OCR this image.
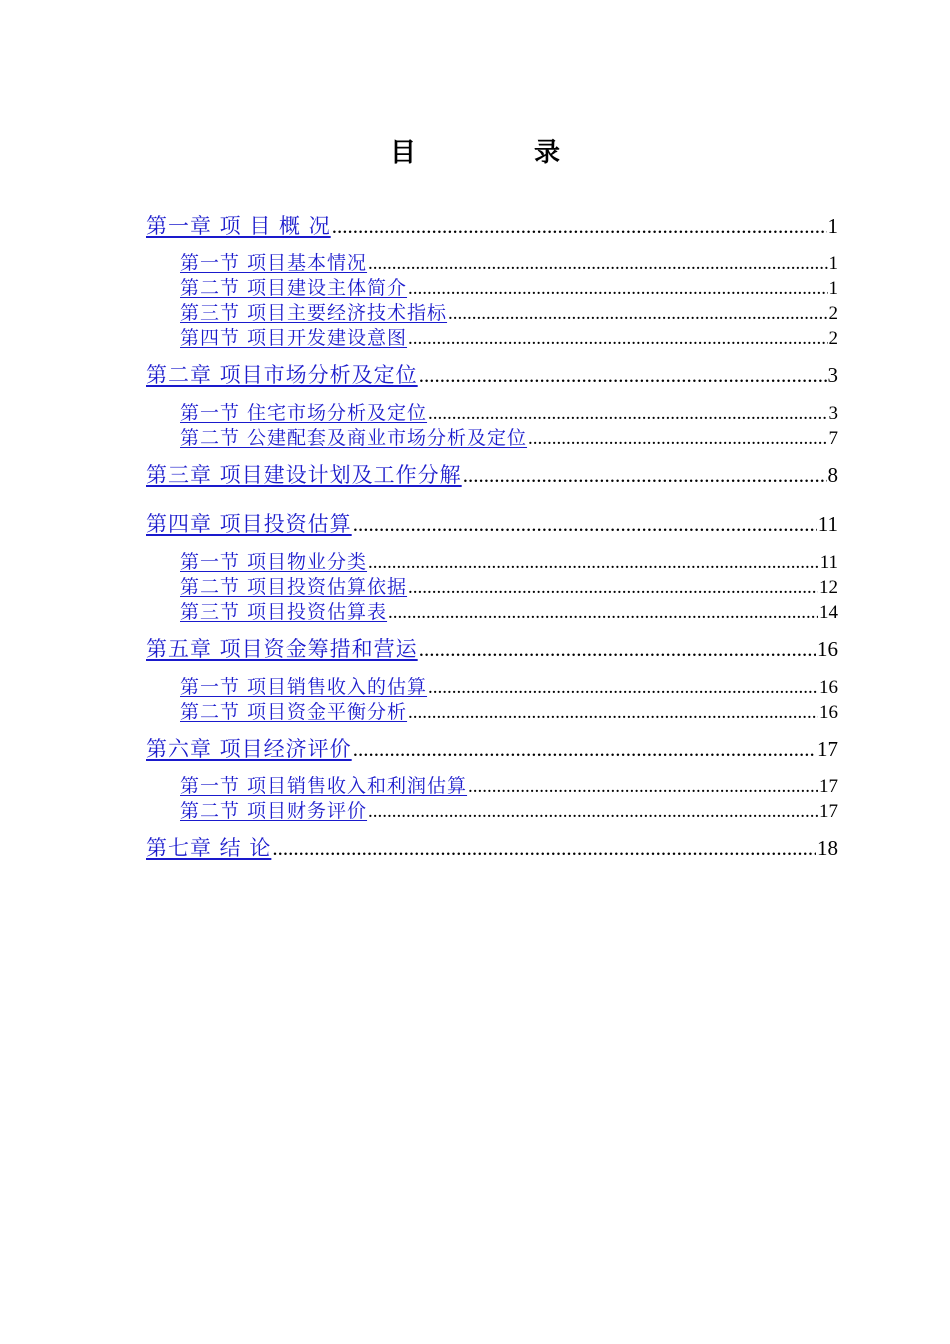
目　录
第一章 项 目 概 况 .....	1
第一节 项目基本情况 .....	1
第二节 项目建设主体简介 .....	1
第三节 项目主要经济技术指标 .....	2
第四节 项目开发建设意图 .....	2
第二章 项目市场分析及定位 .....	3
第一节 住宅市场分析及定位 .....	3
第二节 公建配套及商业市场分析及定位 .....	7
第三章 项目建设计划及工作分解 .....	8
第四章 项目投资估算 .....	11
第一节 项目物业分类 .....	11
第二节 项目投资估算依据 .....	12
第三节 项目投资估算表 .....	14
第五章 项目资金筹措和营运 .....	16
第一节 项目销售收入的估算 .....	16
第二节 项目资金平衡分析 .....	16
第六章 项目经济评价 .....	17
第一节 项目销售收入和利润估算 .....	17
第二节 项目财务评价 .....	17
第七章 结 论 .....	18
